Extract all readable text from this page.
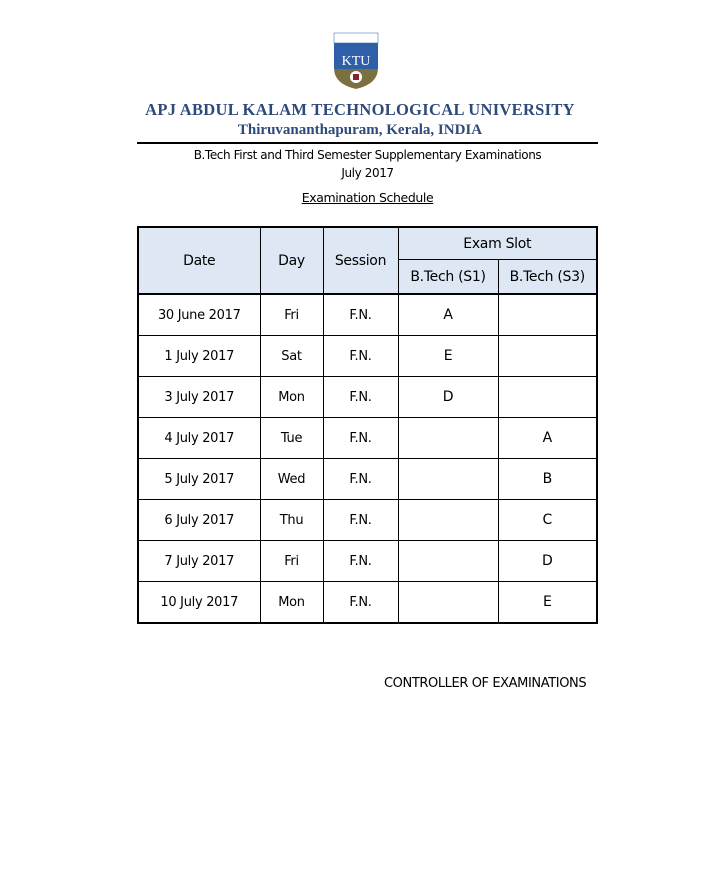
KTU
APJ ABDUL KALAM TECHNOLOGICAL UNIVERSITY
Thiruvananthapuram, Kerala, INDIA
B.Tech First and Third Semester Supplementary Examinations
July 2017
Examination Schedule
Date	Day	Session	Exam Slot	
			B.Tech (S1)	B.Tech (S3)
30 June 2017	Fri	F.N.	A	
1 July 2017	Sat	F.N.	E	
3 July 2017	Mon	F.N.	D	
4 July 2017	Tue	F.N.		A
5 July 2017	Wed	F.N.		B
6 July 2017	Thu	F.N.		C
7 July 2017	Fri	F.N.		D
10 July 2017	Mon	F.N.		E
CONTROLLER OF EXAMINATIONS
